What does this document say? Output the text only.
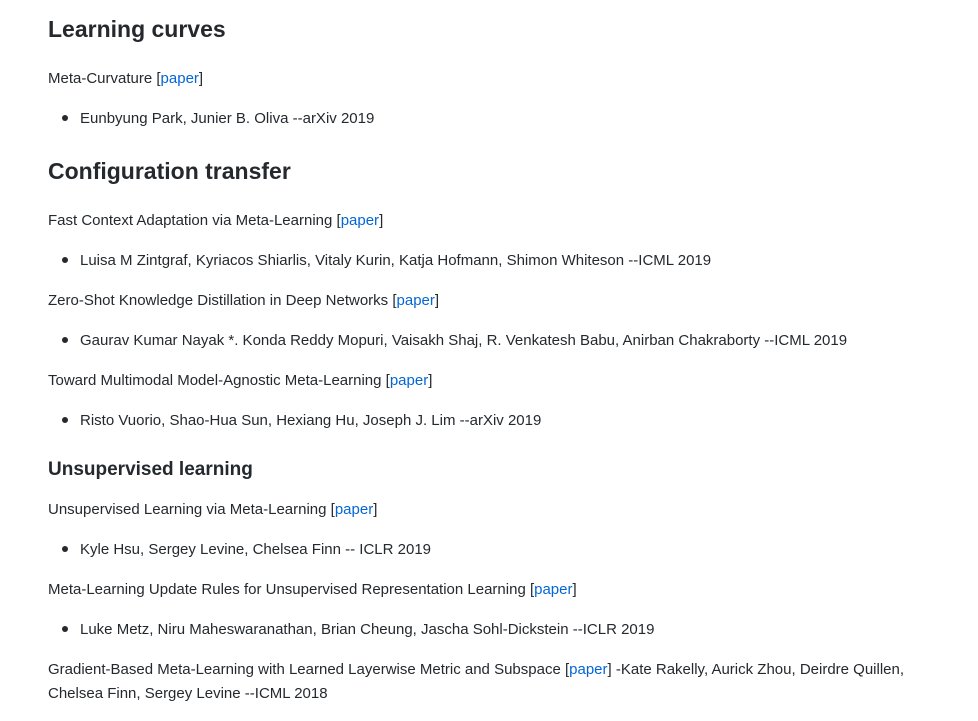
Learning curves
Meta-Curvature [paper]
Eunbyung Park, Junier B. Oliva --arXiv 2019
Configuration transfer
Fast Context Adaptation via Meta-Learning [paper]
Luisa M Zintgraf, Kyriacos Shiarlis, Vitaly Kurin, Katja Hofmann, Shimon Whiteson --ICML 2019
Zero-Shot Knowledge Distillation in Deep Networks [paper]
Gaurav Kumar Nayak *. Konda Reddy Mopuri, Vaisakh Shaj, R. Venkatesh Babu, Anirban Chakraborty --ICML 2019
Toward Multimodal Model-Agnostic Meta-Learning [paper]
Risto Vuorio, Shao-Hua Sun, Hexiang Hu, Joseph J. Lim --arXiv 2019
Unsupervised learning
Unsupervised Learning via Meta-Learning [paper]
Kyle Hsu, Sergey Levine, Chelsea Finn -- ICLR 2019
Meta-Learning Update Rules for Unsupervised Representation Learning [paper]
Luke Metz, Niru Maheswaranathan, Brian Cheung, Jascha Sohl-Dickstein --ICLR 2019
Gradient-Based Meta-Learning with Learned Layerwise Metric and Subspace [paper] -Kate Rakelly, Aurick Zhou, Deirdre Quillen, Chelsea Finn, Sergey Levine --ICML 2018
